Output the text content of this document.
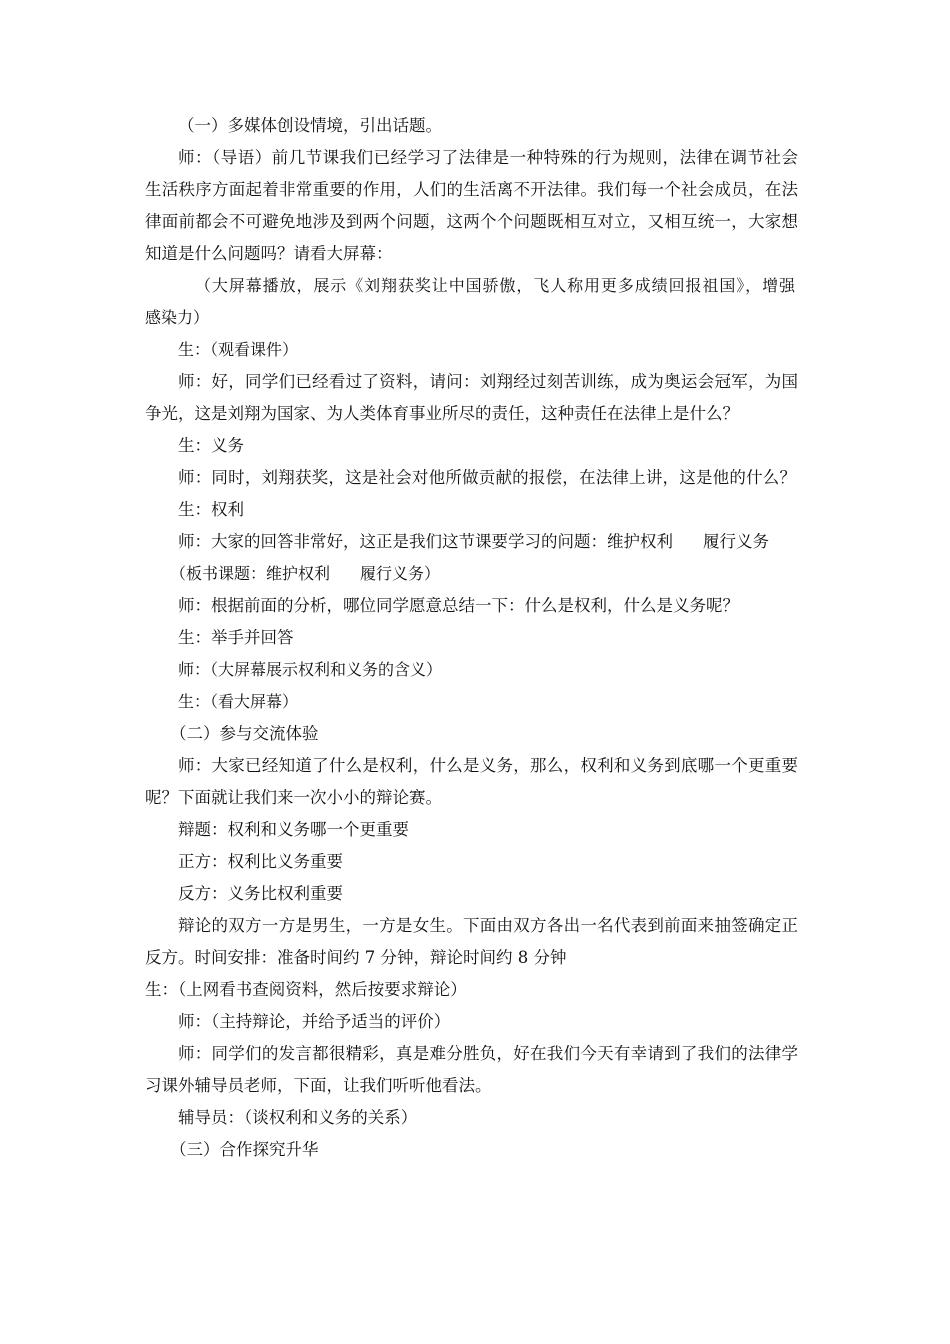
（一）多媒体创设情境，引出话题。
师：（导语）前几节课我们已经学习了法律是一种特殊的行为规则，法律在调节社会
生活秩序方面起着非常重要的作用，人们的生活离不开法律。我们每一个社会成员，在法
律面前都会不可避免地涉及到两个问题，这两个个问题既相互对立，又相互统一，大家想
知道是什么问题吗？请看大屏幕：
（大屏幕播放，展示《刘翔获奖让中国骄傲，飞人称用更多成绩回报祖国》，增强
感染力）
生：（观看课件）
师：好，同学们已经看过了资料，请问：刘翔经过刻苦训练，成为奥运会冠军，为国
争光，这是刘翔为国家、为人类体育事业所尽的责任，这种责任在法律上是什么？
生：义务
师：同时，刘翔获奖，这是社会对他所做贡献的报偿，在法律上讲，这是他的什么？
生：权利
师：大家的回答非常好，这正是我们这节课要学习的问题：维护权利 履行义务
（板书课题：维护权利 履行义务）
师：根据前面的分析，哪位同学愿意总结一下：什么是权利，什么是义务呢？
生：举手并回答
师：（大屏幕展示权利和义务的含义）
生：（看大屏幕）
（二）参与交流体验
师：大家已经知道了什么是权利，什么是义务，那么，权利和义务到底哪一个更重要
呢？下面就让我们来一次小小的辩论赛。
辩题：权利和义务哪一个更重要
正方：权利比义务重要
反方：义务比权利重要
辩论的双方一方是男生，一方是女生。下面由双方各出一名代表到前面来抽签确定正
反方。时间安排：准备时间约 7 分钟，辩论时间约 8 分钟
生：（上网看书查阅资料，然后按要求辩论）
师：（主持辩论，并给予适当的评价）
师：同学们的发言都很精彩，真是难分胜负，好在我们今天有幸请到了我们的法律学
习课外辅导员老师，下面，让我们听听他看法。
辅导员：（谈权利和义务的关系）
（三）合作探究升华
